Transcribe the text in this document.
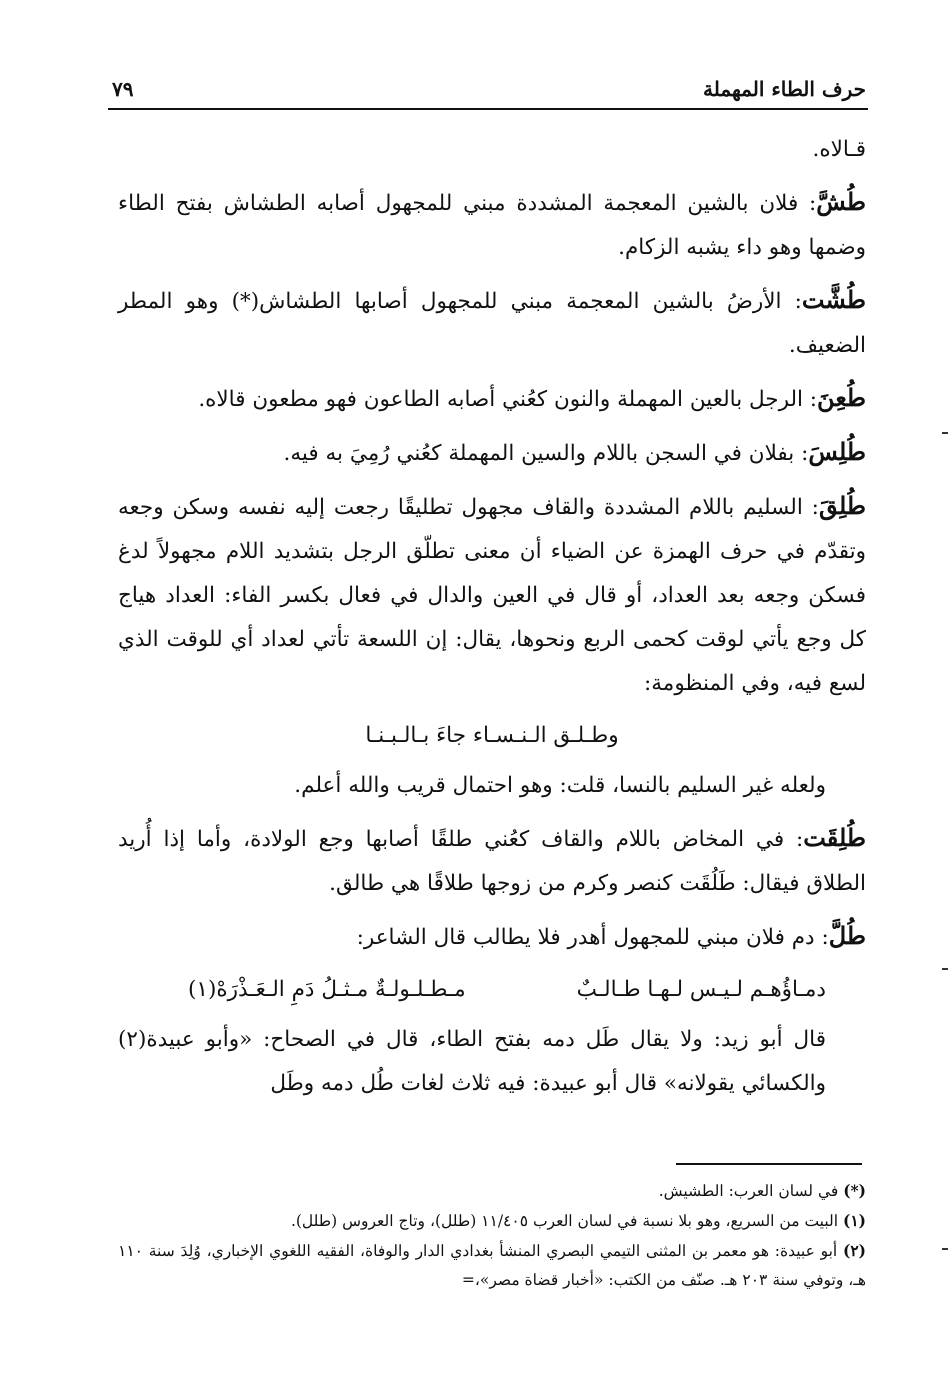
حرف الطاء المهملة
٧٩

قـالاه.

طُشَّ: فلان بالشين المعجمة المشددة مبني للمجهول أصابه الطشاش بفتح الطاء وضمها وهو داء يشبه الزكام.

طُشَّت: الأرضُ بالشين المعجمة مبني للمجهول أصابها الطشاش(*) وهو المطر الضعيف.

طُعِنَ: الرجل بالعين المهملة والنون كعُني أصابه الطاعون فهو مطعون قالاه.

طُلِسَ: بفلان في السجن باللام والسين المهملة كعُني رُمِيَ به فيه.

طُلِقَ: السليم باللام المشددة والقاف مجهول تطليقًا رجعت إليه نفسه وسكن وجعه وتقدّم في حرف الهمزة عن الضياء أن معنى تطلّق الرجل بتشديد اللام مجهولاً لدغ فسكن وجعه بعد العداد، أو قال في العين والدال في فعال بكسر الفاء: العداد هياج كل وجع يأتي لوقت كحمى الربع ونحوها، يقال: إن اللسعة تأتي لعداد أي للوقت الذي لسع فيه، وفي المنظومة:

وطـلـق الـنـسـاء جاءَ بـالـبـنـا

ولعله غير السليم بالنسا، قلت: وهو احتمال قريب والله أعلم.

طُلِقَت: في المخاض باللام والقاف كعُني طلقًا أصابها وجع الولادة، وأما إذا أُريد الطلاق فيقال: طَلُقَت كنصر وكرم من زوجها طلاقًا هي طالق.

طُلَّ: دم فلان مبني للمجهول أهدر فلا يطالب قال الشاعر:

دمـاؤُهـم لـيـس لـهـا طـالـبٌ
مـطـلـولـةٌ مـثـلُ دَمِ الـعَـذْرَهْ(١)

قال أبو زيد: ولا يقال طَل دمه بفتح الطاء، قال في الصحاح: «وأبو عبيدة(٢) والكسائي يقولانه» قال أبو عبيدة: فيه ثلاث لغات طُل دمه وطَل

(*) في لسان العرب: الطشيش.

(١) البيت من السريع، وهو بلا نسبة في لسان العرب ١١/٤٠٥ (طلل)، وتاج العروس (طلل).

(٢) أبو عبيدة: هو معمر بن المثنى التيمي البصري المنشأ بغدادي الدار والوفاة، الفقيه اللغوي الإخباري، وُلِدَ سنة ١١٠ هـ، وتوفي سنة ٢٠٣ هـ. صنّف من الكتب: «أخبار قضاة مصر»،=
